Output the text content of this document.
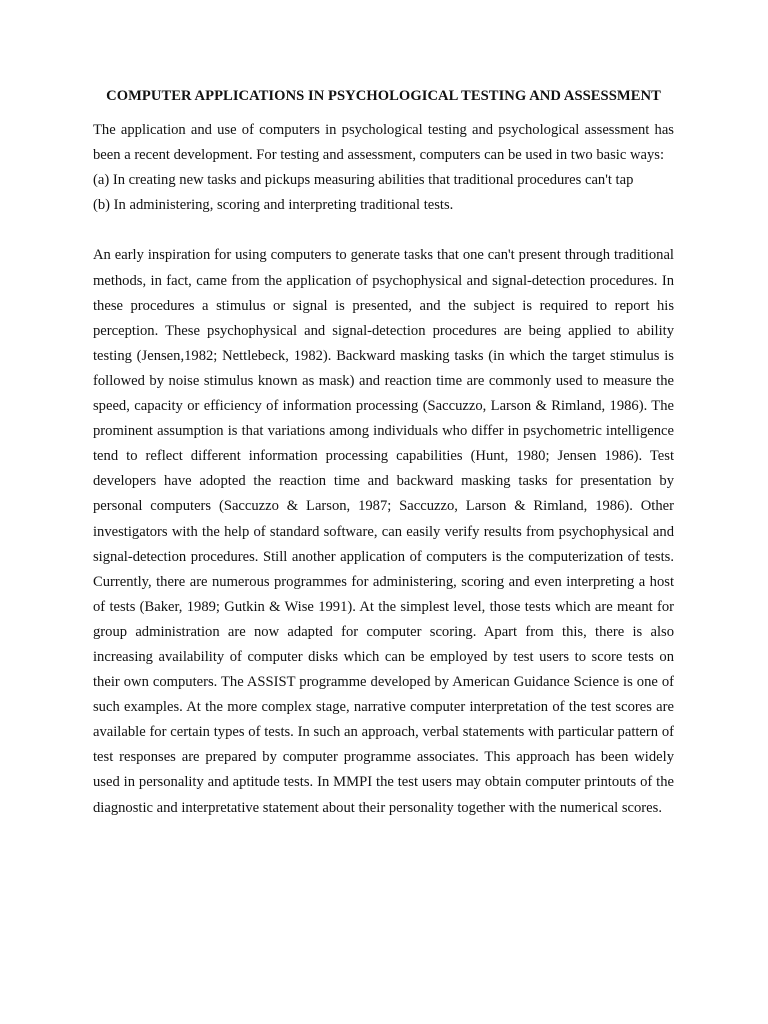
COMPUTER APPLICATIONS IN PSYCHOLOGICAL TESTING AND ASSESSMENT

The application and use of computers in psychological testing and psychological assessment has been a recent development. For testing and assessment, computers can be used in two basic ways:

(a) In creating new tasks and pickups measuring abilities that traditional procedures can't tap

(b) In administering, scoring and interpreting traditional tests.

An early inspiration for using computers to generate tasks that one can't present through traditional methods, in fact, came from the application of psychophysical and signal-detection procedures. In these procedures a stimulus or signal is presented, and the subject is required to report his perception. These psychophysical and signal-detection procedures are being applied to ability testing (Jensen,1982; Nettlebeck, 1982). Backward masking tasks (in which the target stimulus is followed by noise stimulus known as mask) and reaction time are commonly used to measure the speed, capacity or efficiency of information processing (Saccuzzo, Larson & Rimland, 1986). The prominent assumption is that variations among individuals who differ in psychometric intelligence tend to reflect different information processing capabilities (Hunt, 1980; Jensen 1986). Test developers have adopted the reaction time and backward masking tasks for presentation by personal computers (Saccuzzo & Larson, 1987; Saccuzzo, Larson & Rimland, 1986). Other investigators with the help of standard software, can easily verify results from psychophysical and signal-detection procedures. Still another application of computers is the computerization of tests. Currently, there are numerous programmes for administering, scoring and even interpreting a host of tests (Baker, 1989; Gutkin & Wise 1991). At the simplest level, those tests which are meant for group administration are now adapted for computer scoring. Apart from this, there is also increasing availability of computer disks which can be employed by test users to score tests on their own computers. The ASSIST programme developed by American Guidance Science is one of such examples. At the more complex stage, narrative computer interpretation of the test scores are available for certain types of tests. In such an approach, verbal statements with particular pattern of test responses are prepared by computer programme associates. This approach has been widely used in personality and aptitude tests. In MMPI the test users may obtain computer printouts of the diagnostic and interpretative statement about their personality together with the numerical scores.
